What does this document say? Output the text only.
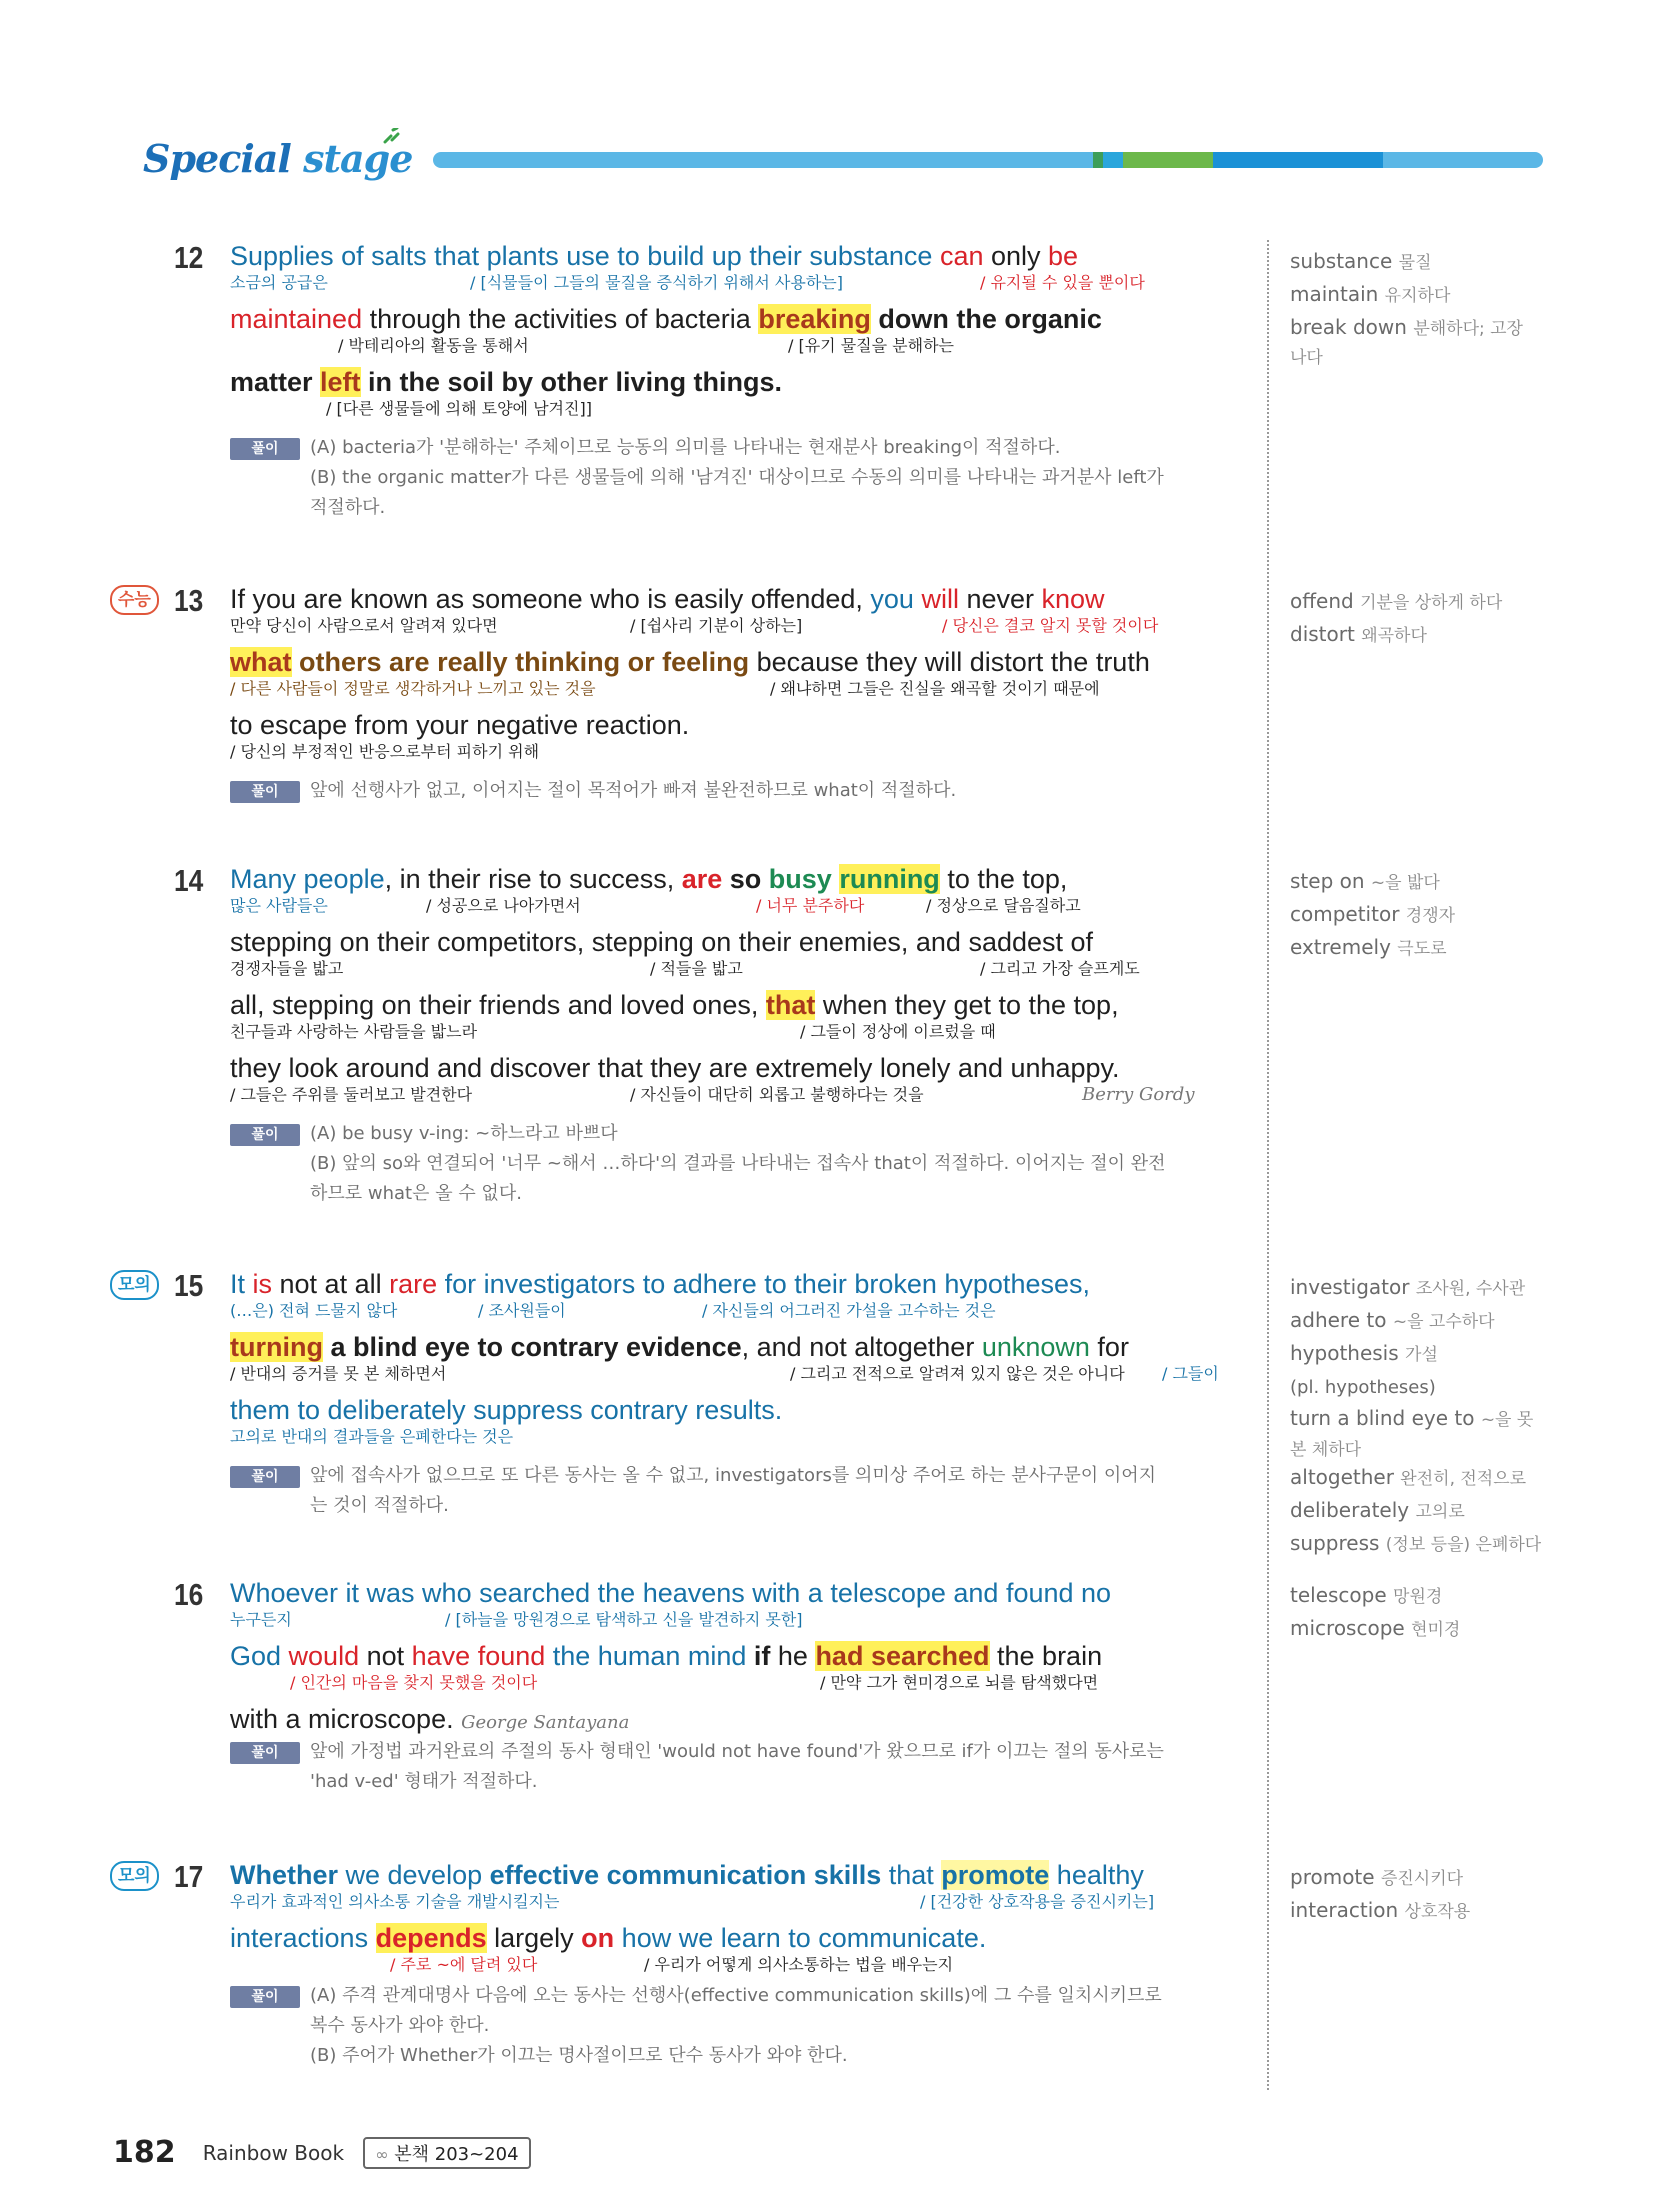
Special stage
12 Supplies of salts that plants use to build up their substance can only be
소금의 공급은	/ [식물들이 그들의 물질을 증식하기 위해서 사용하는]	/ 유지될 수 있을 뿐이다
maintained through the activities of bacteria breaking down the organic
/ 박테리아의 활동을 통해서	/ [유기 물질을 분해하는
matter left in the soil by other living things.
/ [다른 생물들에 의해 토양에 남겨진]]
풀이	(A) bacteria가 '분해하는' 주체이므로 능동의 의미를 나타내는 현재분사 breaking이 적절하다.
(B) the organic matter가 다른 생물들에 의해 '남겨진' 대상이므로 수동의 의미를 나타내는 과거분사 left가
적절하다.
수능 13 If you are known as someone who is easily offended, you will never know
만약 당신이 사람으로서 알려져 있다면	/ [쉽사리 기분이 상하는]	/ 당신은 결코 알지 못할 것이다
what others are really thinking or feeling because they will distort the truth
/ 다른 사람들이 정말로 생각하거나 느끼고 있는 것을	/ 왜냐하면 그들은 진실을 왜곡할 것이기 때문에
to escape from your negative reaction.
/ 당신의 부정적인 반응으로부터 피하기 위해
풀이	앞에 선행사가 없고, 이어지는 절이 목적어가 빠져 불완전하므로 what이 적절하다.
14 Many people, in their rise to success, are so busy running to the top,
많은 사람들은	/ 성공으로 나아가면서	/ 너무 분주하다	/ 정상으로 달음질하고
stepping on their competitors, stepping on their enemies, and saddest of
경쟁자들을 밟고	/ 적들을 밟고	/ 그리고 가장 슬프게도
all, stepping on their friends and loved ones, that when they get to the top,
친구들과 사랑하는 사람들을 밟느라	/ 그들이 정상에 이르렀을 때
they look around and discover that they are extremely lonely and unhappy.
/ 그들은 주위를 둘러보고 발견한다	/ 자신들이 대단히 외롭고 불행하다는 것을	Berry Gordy
풀이	(A) be busy v-ing: ~하느라고 바쁘다
(B) 앞의 so와 연결되어 '너무 ~해서 …하다'의 결과를 나타내는 접속사 that이 적절하다. 이어지는 절이 완전
하므로 what은 올 수 없다.
모의 15 It is not at all rare for investigators to adhere to their broken hypotheses,
(…은) 전혀 드물지 않다	/ 조사원들이	/ 자신들의 어그러진 가설을 고수하는 것은
turning a blind eye to contrary evidence, and not altogether unknown for
/ 반대의 증거를 못 본 체하면서	/ 그리고 전적으로 알려져 있지 않은 것은 아니다 / 그들이
them to deliberately suppress contrary results.
고의로 반대의 결과들을 은폐한다는 것은
풀이	앞에 접속사가 없으므로 또 다른 동사는 올 수 없고, investigators를 의미상 주어로 하는 분사구문이 이어지
는 것이 적절하다.
16 Whoever it was who searched the heavens with a telescope and found no
누구든지	/ [하늘을 망원경으로 탐색하고 신을 발견하지 못한]
God would not have found the human mind if he had searched the brain
/ 인간의 마음을 찾지 못했을 것이다	/ 만약 그가 현미경으로 뇌를 탐색했다면
with a microscope. George Santayana
풀이	앞에 가정법 과거완료의 주절의 동사 형태인 'would not have found'가 왔으므로 if가 이끄는 절의 동사로는
'had v-ed' 형태가 적절하다.
모의 17 Whether we develop effective communication skills that promote healthy
우리가 효과적인 의사소통 기술을 개발시킬지는	/ [건강한 상호작용을 증진시키는]
interactions depends largely on how we learn to communicate.
/ 주로 ~에 달려 있다	/ 우리가 어떻게 의사소통하는 법을 배우는지
풀이	(A) 주격 관계대명사 다음에 오는 동사는 선행사(effective communication skills)에 그 수를 일치시키므로
복수 동사가 와야 한다.
(B) 주어가 Whether가 이끄는 명사절이므로 단수 동사가 와야 한다.
substance 물질
maintain 유지하다
break down 분해하다; 고장
나다
offend 기분을 상하게 하다
distort 왜곡하다
step on ~을 밟다
competitor 경쟁자
extremely 극도로
investigator 조사원, 수사관
adhere to ~을 고수하다
hypothesis 가설
(pl. hypotheses)
turn a blind eye to ~을 못
본 체하다
altogether 완전히, 전적으로
deliberately 고의로
suppress (정보 등을) 은폐하다
telescope 망원경
microscope 현미경
promote 증진시키다
interaction 상호작용
182 Rainbow Book ∞ 본책 203~204
